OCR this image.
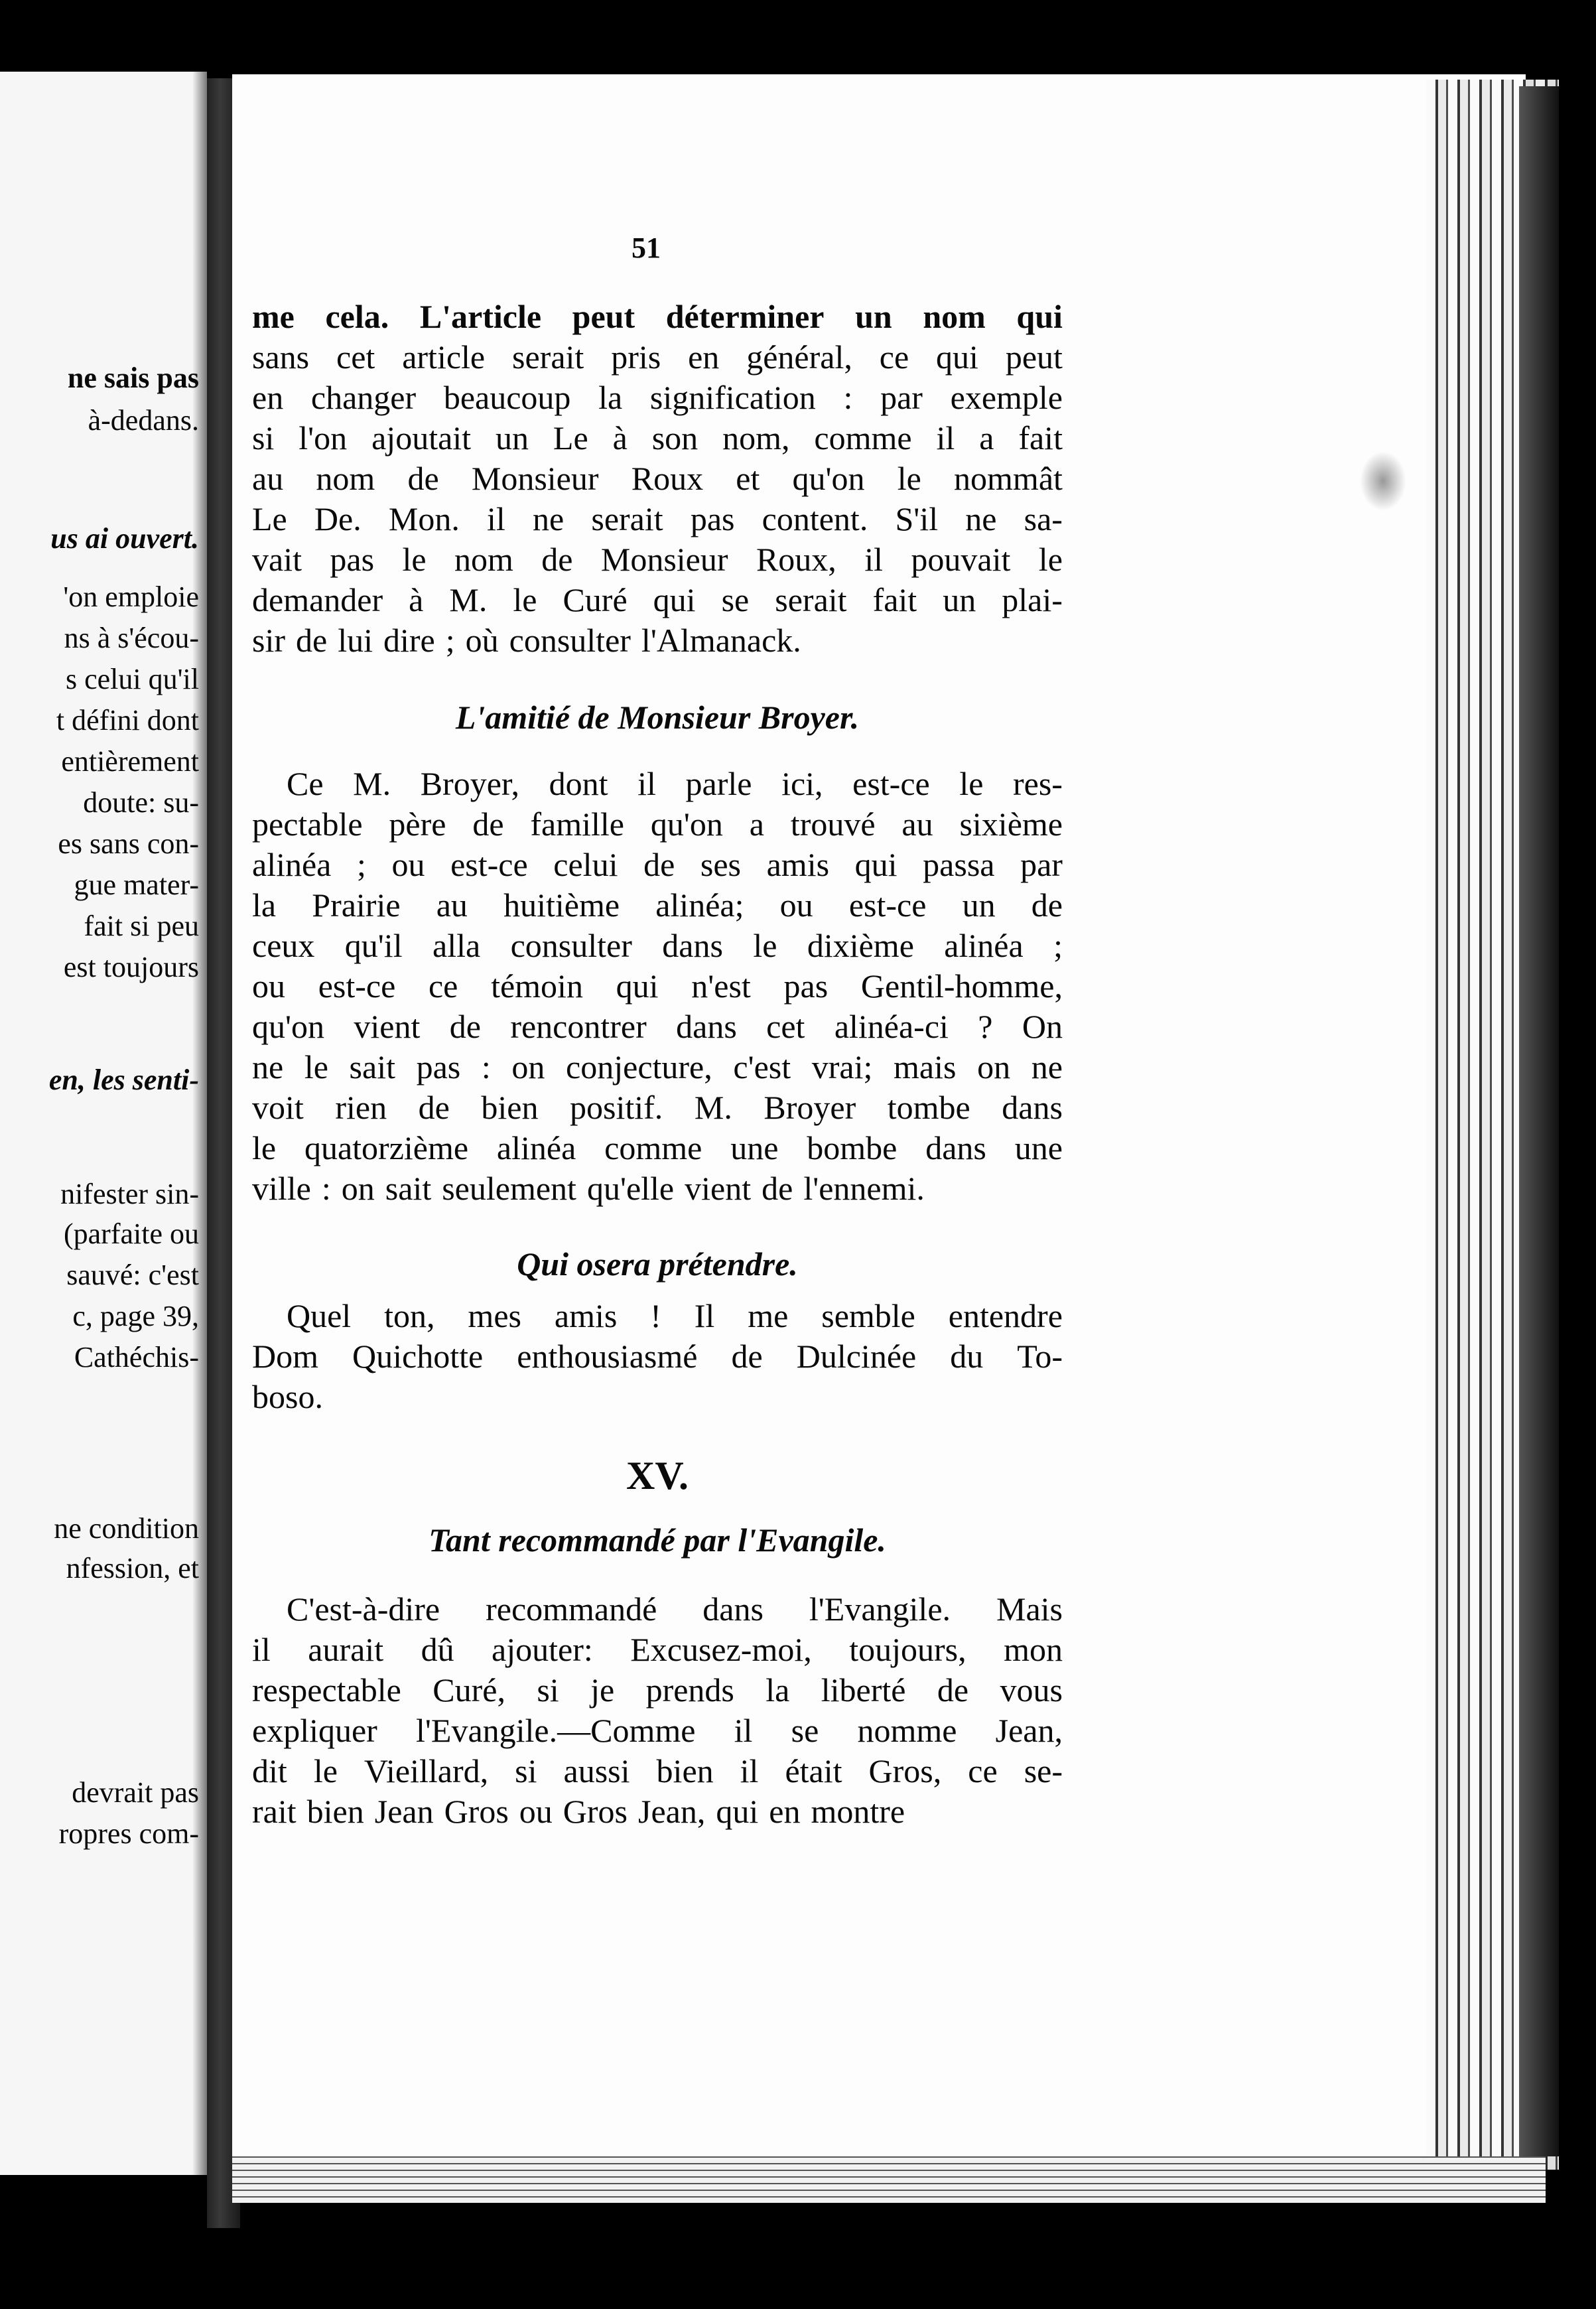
ne sais pas
à-dedans.
us ai ouvert.
'on emploie
ns à s'écou-
s celui qu'il
t défini dont
entièrement
doute: su-
es sans con-
gue mater-
fait si peu
est toujours
en, les senti-
nifester sin-
(parfaite ou
sauvé: c'est
c, page 39,
Cathéchis-
ne condition
nfession, et
devrait pas
ropres com-
51
me cela. L'article peut déterminer un nom qui
sans cet article serait pris en général, ce qui peut
en changer beaucoup la signification : par exemple
si l'on ajoutait un Le à son nom, comme il a fait
au nom de Monsieur Roux et qu'on le nommât
Le De. Mon. il ne serait pas content. S'il ne sa-
vait pas le nom de Monsieur Roux, il pouvait le
demander à M. le Curé qui se serait fait un plai-
sir de lui dire ; où consulter l'Almanack.
L'amitié de Monsieur Broyer.
Ce M. Broyer, dont il parle ici, est-ce le res-
pectable père de famille qu'on a trouvé au sixième
alinéa ; ou est-ce celui de ses amis qui passa par
la Prairie au huitième alinéa; ou est-ce un de
ceux qu'il alla consulter dans le dixième alinéa ;
ou est-ce ce témoin qui n'est pas Gentil-homme,
qu'on vient de rencontrer dans cet alinéa-ci ? On
ne le sait pas : on conjecture, c'est vrai; mais on ne
voit rien de bien positif. M. Broyer tombe dans
le quatorzième alinéa comme une bombe dans une
ville : on sait seulement qu'elle vient de l'ennemi.
Qui osera prétendre.
Quel ton, mes amis ! Il me semble entendre
Dom Quichotte enthousiasmé de Dulcinée du To-
boso.
XV.
Tant recommandé par l'Evangile.
C'est-à-dire recommandé dans l'Evangile. Mais
il aurait dû ajouter: Excusez-moi, toujours, mon
respectable Curé, si je prends la liberté de vous
expliquer l'Evangile.—Comme il se nomme Jean,
dit le Vieillard, si aussi bien il était Gros, ce se-
rait bien Jean Gros ou Gros Jean, qui en montre
